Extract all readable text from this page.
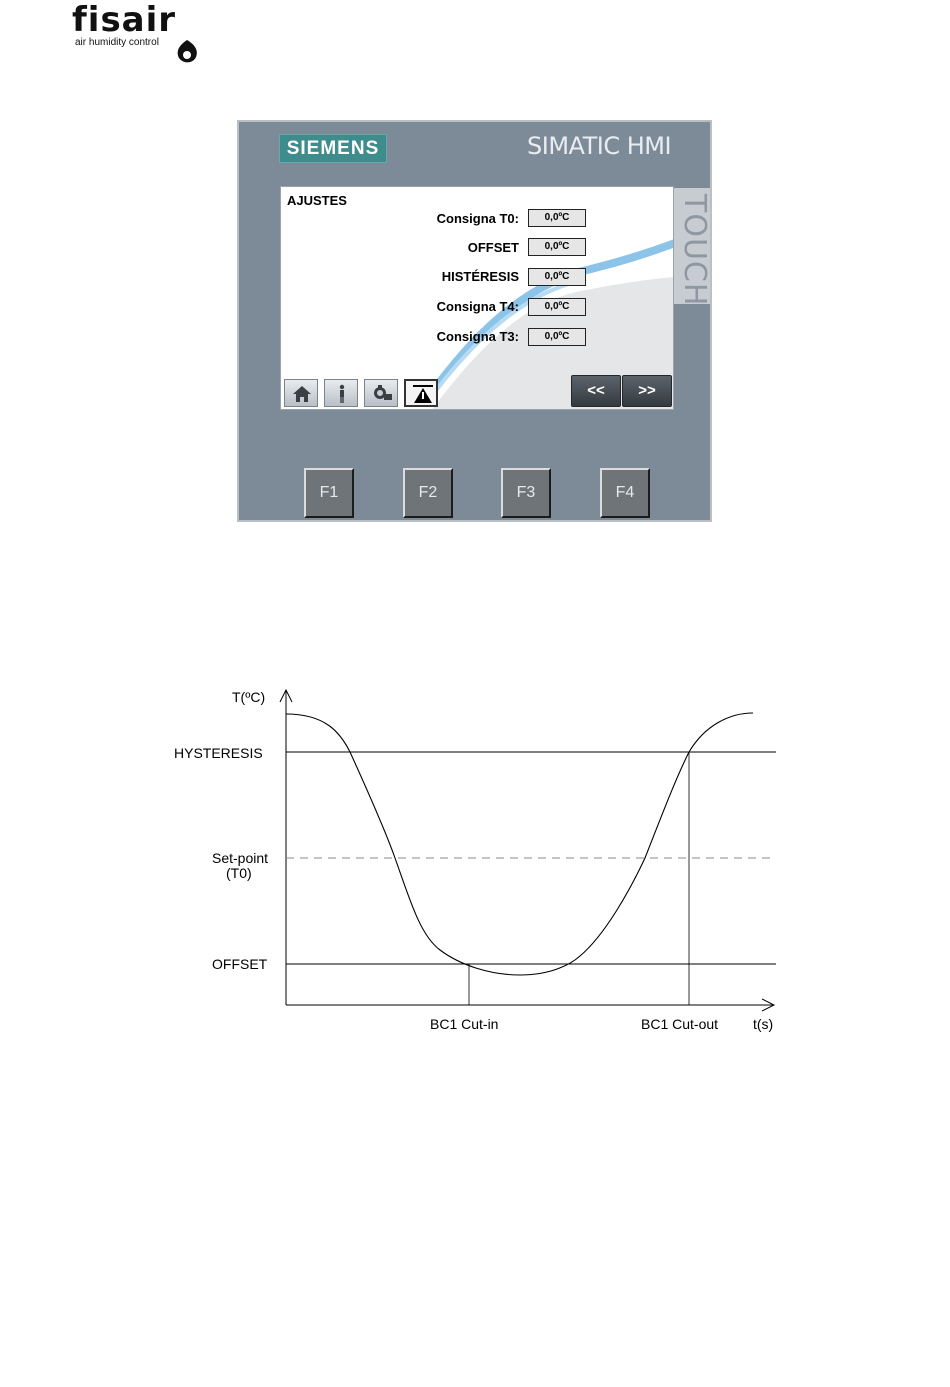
fisair
air humidity control
SIEMENS	SIMATIC HMI
TOUCH
AJUSTES
Consigna T0:	0,0ºC
OFFSET	0,0ºC
HISTÉRESIS	0,0ºC
Consigna T4:	0,0ºC
Consigna T3:	0,0ºC
<<	>>
F1	F2	F3	F4
T(ºC)
HYSTERESIS
Set-point
(T0)
OFFSET
BC1 Cut-in	BC1 Cut-out t(s)
